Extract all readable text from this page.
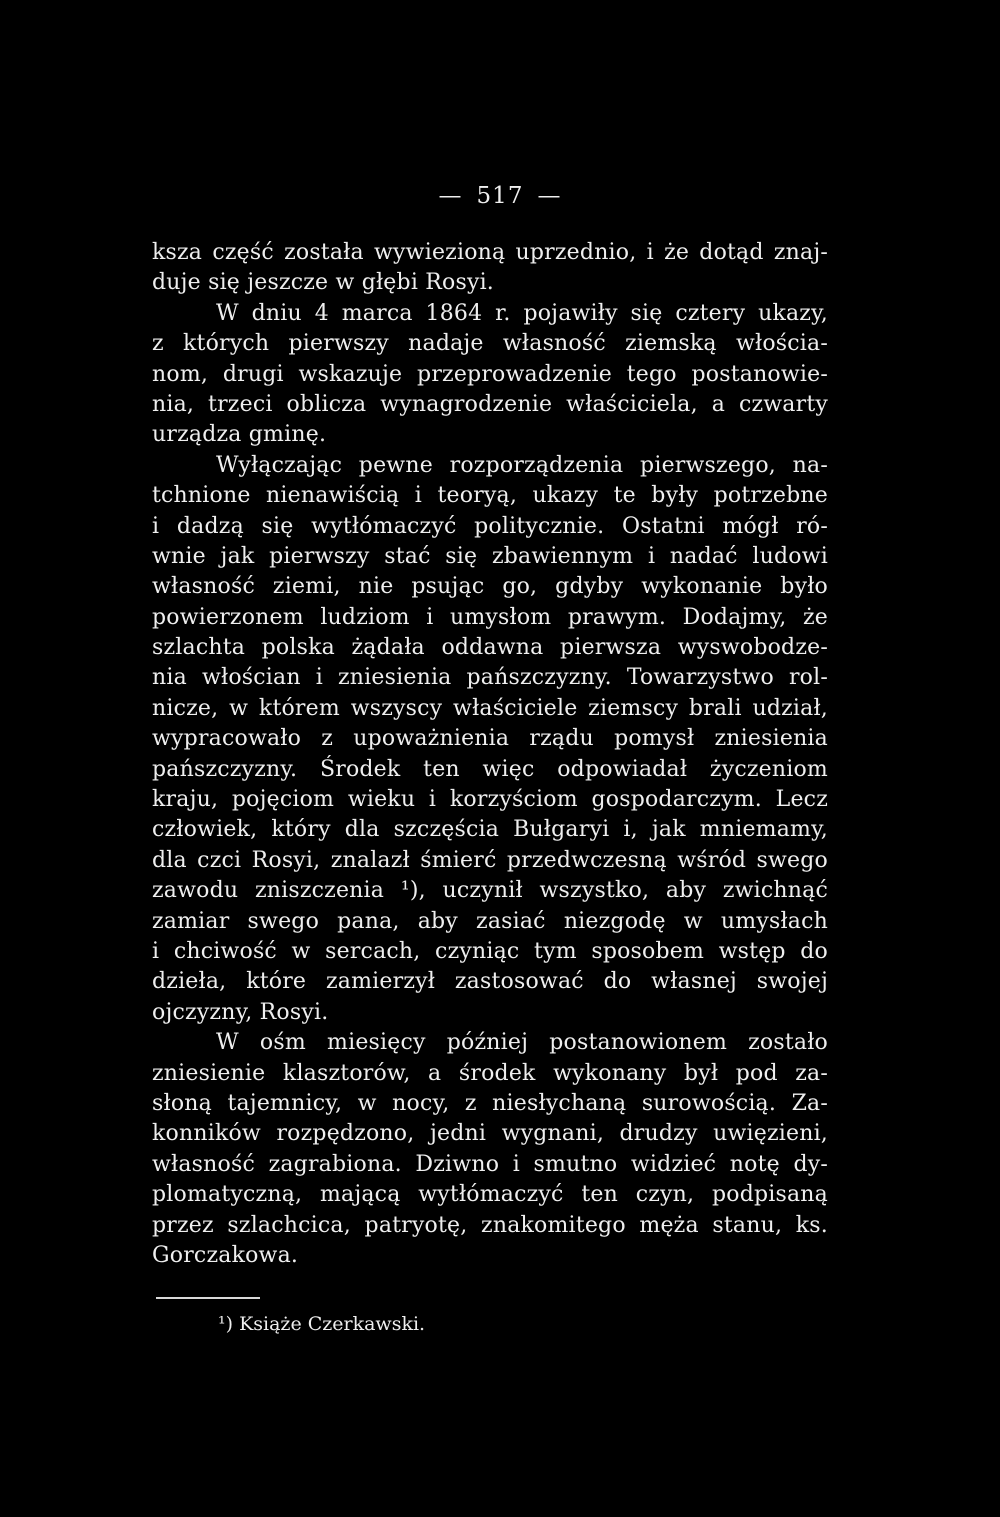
— 517 —
ksza część została wywiezioną uprzednio, i że dotąd znaj-
duje się jeszcze w głębi Rosyi.
W dniu 4 marca 1864 r. pojawiły się cztery ukazy,
z których pierwszy nadaje własność ziemską włościa-
nom, drugi wskazuje przeprowadzenie tego postanowie-
nia, trzeci oblicza wynagrodzenie właściciela, a czwarty
urządza gminę.
Wyłączając pewne rozporządzenia pierwszego, na-
tchnione nienawiścią i teoryą, ukazy te były potrzebne
i dadzą się wytłómaczyć politycznie. Ostatni mógł ró-
wnie jak pierwszy stać się zbawiennym i nadać ludowi
własność ziemi, nie psując go, gdyby wykonanie było
powierzonem ludziom i umysłom prawym. Dodajmy, że
szlachta polska żądała oddawna pierwsza wyswobodze-
nia włościan i zniesienia pańszczyzny. Towarzystwo rol-
nicze, w którem wszyscy właściciele ziemscy brali udział,
wypracowało z upoważnienia rządu pomysł zniesienia
pańszczyzny. Środek ten więc odpowiadał życzeniom
kraju, pojęciom wieku i korzyściom gospodarczym. Lecz
człowiek, który dla szczęścia Bułgaryi i, jak mniemamy,
dla czci Rosyi, znalazł śmierć przedwczesną wśród swego
zawodu zniszczenia ¹), uczynił wszystko, aby zwichnąć
zamiar swego pana, aby zasiać niezgodę w umysłach
i chciwość w sercach, czyniąc tym sposobem wstęp do
dzieła, które zamierzył zastosować do własnej swojej
ojczyzny, Rosyi.
W ośm miesięcy później postanowionem zostało
zniesienie klasztorów, a środek wykonany był pod za-
słoną tajemnicy, w nocy, z niesłychaną surowością. Za-
konników rozpędzono, jedni wygnani, drudzy uwięzieni,
własność zagrabiona. Dziwno i smutno widzieć notę dy-
plomatyczną, mającą wytłómaczyć ten czyn, podpisaną
przez szlachcica, patryotę, znakomitego męża stanu, ks.
Gorczakowa.
¹) Książe Czerkawski.
